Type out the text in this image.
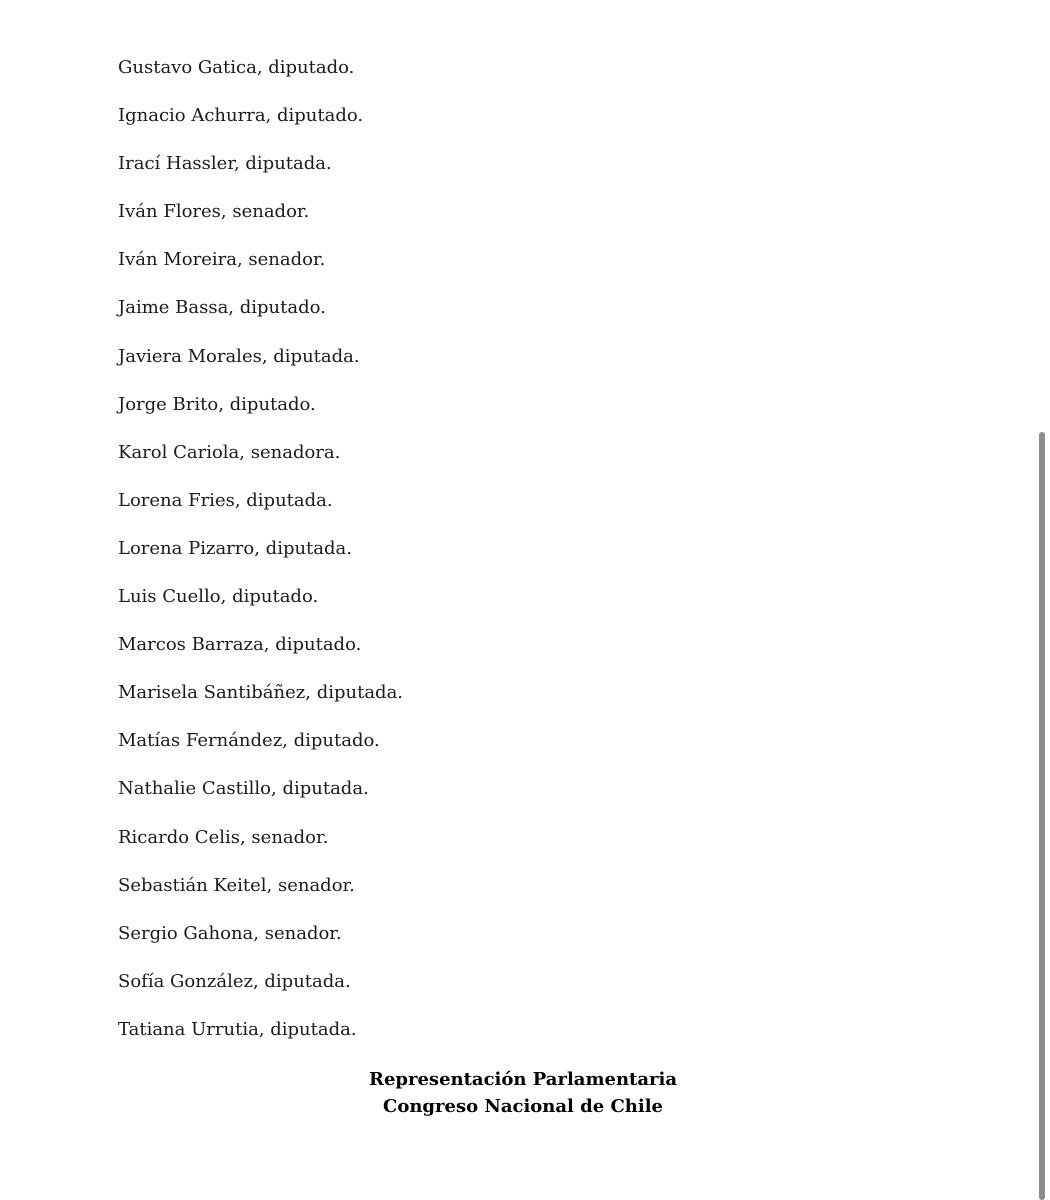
Gustavo Gatica, diputado.

Ignacio Achurra, diputado.

Irací Hassler, diputada.

Iván Flores, senador.

Iván Moreira, senador.

Jaime Bassa, diputado.

Javiera Morales, diputada.

Jorge Brito, diputado.

Karol Cariola, senadora.

Lorena Fries, diputada.

Lorena Pizarro, diputada.

Luis Cuello, diputado.

Marcos Barraza, diputado.

Marisela Santibáñez, diputada.

Matías Fernández, diputado.

Nathalie Castillo, diputada.

Ricardo Celis, senador.

Sebastián Keitel, senador.

Sergio Gahona, senador.

Sofía González, diputada.

Tatiana Urrutia, diputada.

Representación Parlamentaria
Congreso Nacional de Chile
